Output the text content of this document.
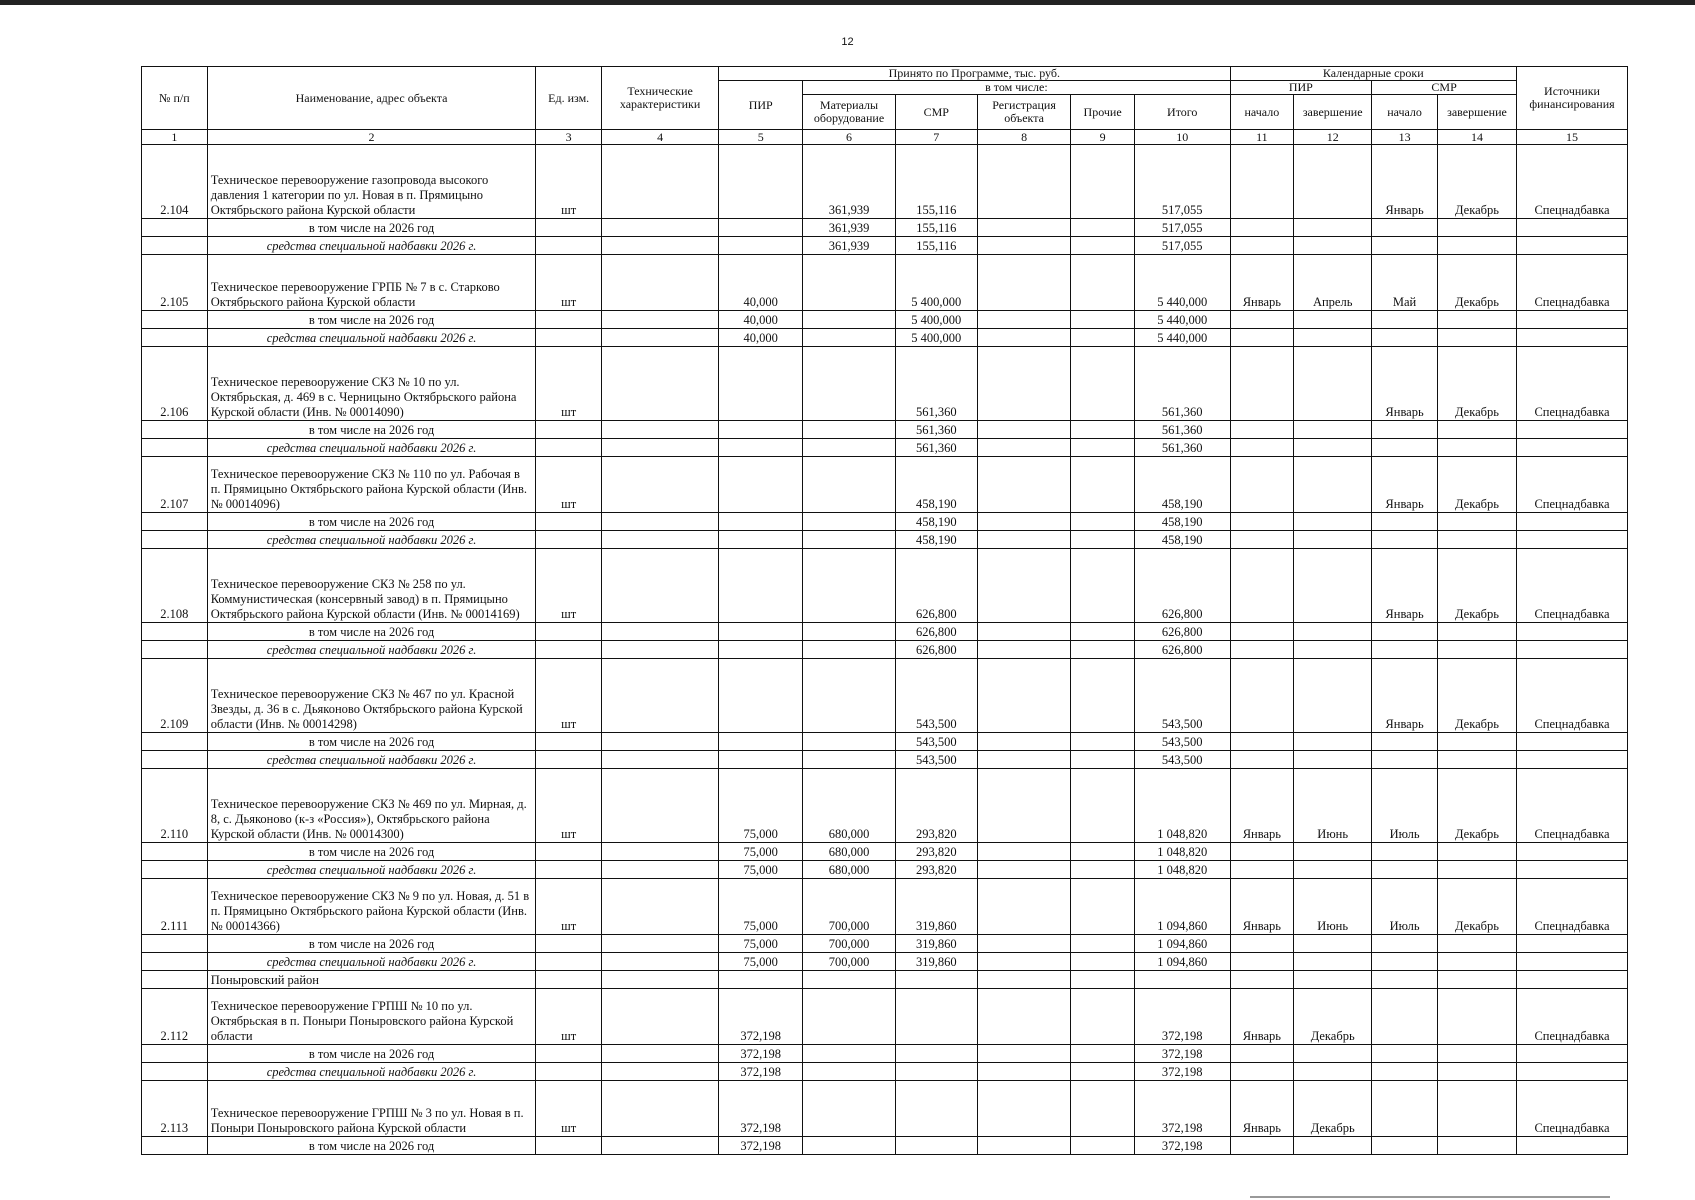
12
№ п/п	Наименование, адрес объекта	Ед. изм.	Технические характеристики	Принято по Программе, тыс. руб.						Календарные сроки				Источники финансирования
				ПИР	в том числе:					ПИР		СМР		
					Материалы оборудование	СМР	Регистрация объекта	Прочие	Итого	начало	завершение	начало	завершение	
1	2	3	4	5	6	7	8	9	10	11	12	13	14	15
2.104	Техническое перевооружение газопровода высокого давления 1 категории по ул. Новая в п. Прямицыно Октябрьского района Курской области	шт			361,939	155,116			517,055			Январь	Декабрь	Спецнадбавка
	в том числе на 2026 год				361,939	155,116			517,055					
	средства специальной надбавки 2026 г.				361,939	155,116			517,055					
2.105	Техническое перевооружение ГРПБ № 7 в с. Старково Октябрьского района Курской области	шт		40,000		5 400,000			5 440,000	Январь	Апрель	Май	Декабрь	Спецнадбавка
	в том числе на 2026 год			40,000		5 400,000			5 440,000					
	средства специальной надбавки 2026 г.			40,000		5 400,000			5 440,000					
2.106	Техническое перевооружение СКЗ № 10 по ул. Октябрьская, д. 469 в с. Черницыно Октябрьского района Курской области (Инв. № 00014090)	шт				561,360			561,360			Январь	Декабрь	Спецнадбавка
	в том числе на 2026 год					561,360			561,360					
	средства специальной надбавки 2026 г.					561,360			561,360					
2.107	Техническое перевооружение СКЗ № 110 по ул. Рабочая в п. Прямицыно Октябрьского района Курской области (Инв. № 00014096)	шт				458,190			458,190			Январь	Декабрь	Спецнадбавка
	в том числе на 2026 год					458,190			458,190					
	средства специальной надбавки 2026 г.					458,190			458,190					
2.108	Техническое перевооружение СКЗ № 258 по ул. Коммунистическая (консервный завод) в п. Прямицыно Октябрьского района Курской области (Инв. № 00014169)	шт				626,800			626,800			Январь	Декабрь	Спецнадбавка
	в том числе на 2026 год					626,800			626,800					
	средства специальной надбавки 2026 г.					626,800			626,800					
2.109	Техническое перевооружение СКЗ № 467 по ул. Красной Звезды, д. 36 в с. Дьяконово Октябрьского района Курской области (Инв. № 00014298)	шт				543,500			543,500			Январь	Декабрь	Спецнадбавка
	в том числе на 2026 год					543,500			543,500					
	средства специальной надбавки 2026 г.					543,500			543,500					
2.110	Техническое перевооружение СКЗ № 469 по ул. Мирная, д. 8, с. Дьяконово (к-з «Россия»), Октябрьского района Курской области (Инв. № 00014300)	шт		75,000	680,000	293,820			1 048,820	Январь	Июнь	Июль	Декабрь	Спецнадбавка
	в том числе на 2026 год			75,000	680,000	293,820			1 048,820					
	средства специальной надбавки 2026 г.			75,000	680,000	293,820			1 048,820					
2.111	Техническое перевооружение СКЗ № 9 по ул. Новая, д. 51 в п. Прямицыно Октябрьского района Курской области (Инв. № 00014366)	шт		75,000	700,000	319,860			1 094,860	Январь	Июнь	Июль	Декабрь	Спецнадбавка
	в том числе на 2026 год			75,000	700,000	319,860			1 094,860					
	средства специальной надбавки 2026 г.			75,000	700,000	319,860			1 094,860					
	Поныровский район													
2.112	Техническое перевооружение ГРПШ № 10 по ул. Октябрьская в п. Поныри Поныровского района Курской области	шт		372,198					372,198	Январь	Декабрь			Спецнадбавка
	в том числе на 2026 год			372,198					372,198					
	средства специальной надбавки 2026 г.			372,198					372,198					
2.113	Техническое перевооружение ГРПШ № 3 по ул. Новая в п. Поныри Поныровского района Курской области	шт		372,198					372,198	Январь	Декабрь			Спецнадбавка
	в том числе на 2026 год			372,198					372,198					
